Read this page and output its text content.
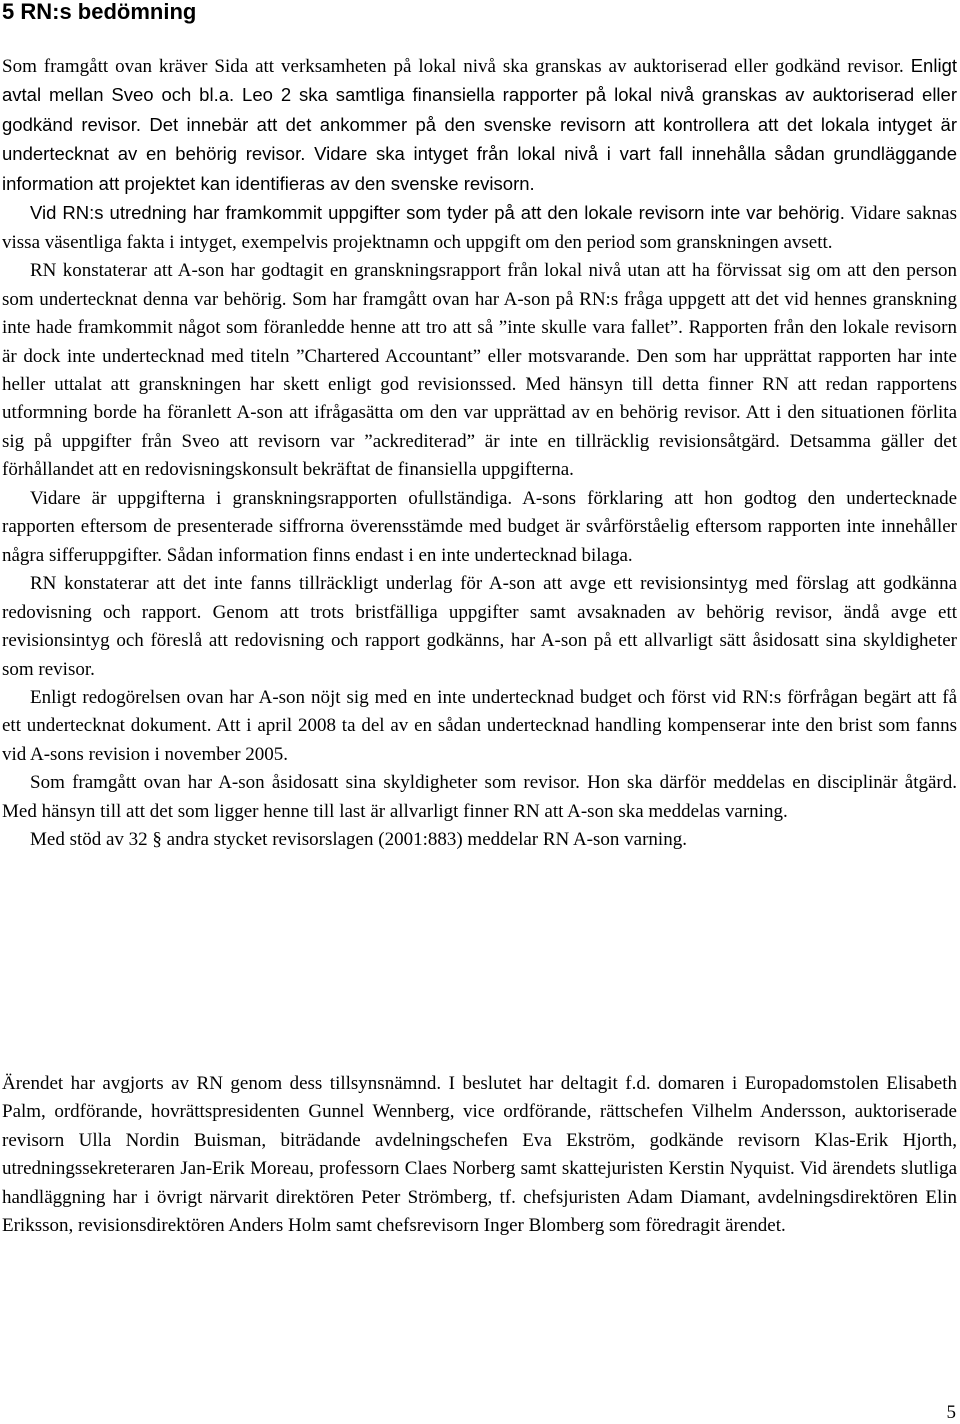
5 RN:s bedömning
Som framgått ovan kräver Sida att verksamheten på lokal nivå ska granskas av auktoriserad eller godkänd revisor. Enligt avtal mellan Sveo och bl.a. Leo 2 ska samtliga finansiella rapporter på lokal nivå granskas av auktoriserad eller godkänd revisor. Det innebär att det ankommer på den svenske revisorn att kontrollera att det lokala intyget är undertecknat av en behörig revisor. Vidare ska intyget från lokal nivå i vart fall innehålla sådan grundläggande information att projektet kan identifieras av den svenske revisorn.
Vid RN:s utredning har framkommit uppgifter som tyder på att den lokale revisorn inte var behörig. Vidare saknas vissa väsentliga fakta i intyget, exempelvis projektnamn och uppgift om den period som granskningen avsett.
RN konstaterar att A-son har godtagit en granskningsrapport från lokal nivå utan att ha förvissat sig om att den person som undertecknat denna var behörig. Som har framgått ovan har A-son på RN:s fråga uppgett att det vid hennes granskning inte hade framkommit något som föranledde henne att tro att så ”inte skulle vara fallet”. Rapporten från den lokale revisorn är dock inte undertecknad med titeln ”Chartered Accountant” eller motsvarande. Den som har upprättat rapporten har inte heller uttalat att granskningen har skett enligt god revisionssed. Med hänsyn till detta finner RN att redan rapportens utformning borde ha föranlett A-son att ifrågasätta om den var upprättad av en behörig revisor. Att i den situationen förlita sig på uppgifter från Sveo att revisorn var ”ackrediterad” är inte en tillräcklig revisionsåtgärd. Detsamma gäller det förhållandet att en redovisningskonsult bekräftat de finansiella uppgifterna.
Vidare är uppgifterna i granskningsrapporten ofullständiga. A-sons förklaring att hon godtog den undertecknade rapporten eftersom de presenterade siffrorna överensstämde med budget är svårförståelig eftersom rapporten inte innehåller några sifferuppgifter. Sådan information finns endast i en inte undertecknad bilaga.
RN konstaterar att det inte fanns tillräckligt underlag för A-son att avge ett revisionsintyg med förslag att godkänna redovisning och rapport. Genom att trots bristfälliga uppgifter samt avsaknaden av behörig revisor, ändå avge ett revisionsintyg och föreslå att redovisning och rapport godkänns, har A-son på ett allvarligt sätt åsidosatt sina skyldigheter som revisor.
Enligt redogörelsen ovan har A-son nöjt sig med en inte undertecknad budget och först vid RN:s förfrågan begärt att få ett undertecknat dokument. Att i april 2008 ta del av en sådan undertecknad handling kompenserar inte den brist som fanns vid A-sons revision i november 2005.
Som framgått ovan har A-son åsidosatt sina skyldigheter som revisor. Hon ska därför meddelas en disciplinär åtgärd. Med hänsyn till att det som ligger henne till last är allvarligt finner RN att A-son ska meddelas varning.
Med stöd av 32 § andra stycket revisorslagen (2001:883) meddelar RN A-son varning.
Ärendet har avgjorts av RN genom dess tillsynsnämnd. I beslutet har deltagit f.d. domaren i Europadomstolen Elisabeth Palm, ordförande, hovrättspresidenten Gunnel Wennberg, vice ordförande, rättschefen Vilhelm Andersson, auktoriserade revisorn Ulla Nordin Buisman, biträdande avdelningschefen Eva Ekström, godkände revisorn Klas-Erik Hjorth, utredningssekreteraren Jan-Erik Moreau, professorn Claes Norberg samt skattejuristen Kerstin Nyquist. Vid ärendets slutliga handläggning har i övrigt närvarit direktören Peter Strömberg, tf. chefsjuristen Adam Diamant, avdelningsdirektören Elin Eriksson, revisionsdirektören Anders Holm samt chefsrevisorn Inger Blomberg som föredragit ärendet.
5
